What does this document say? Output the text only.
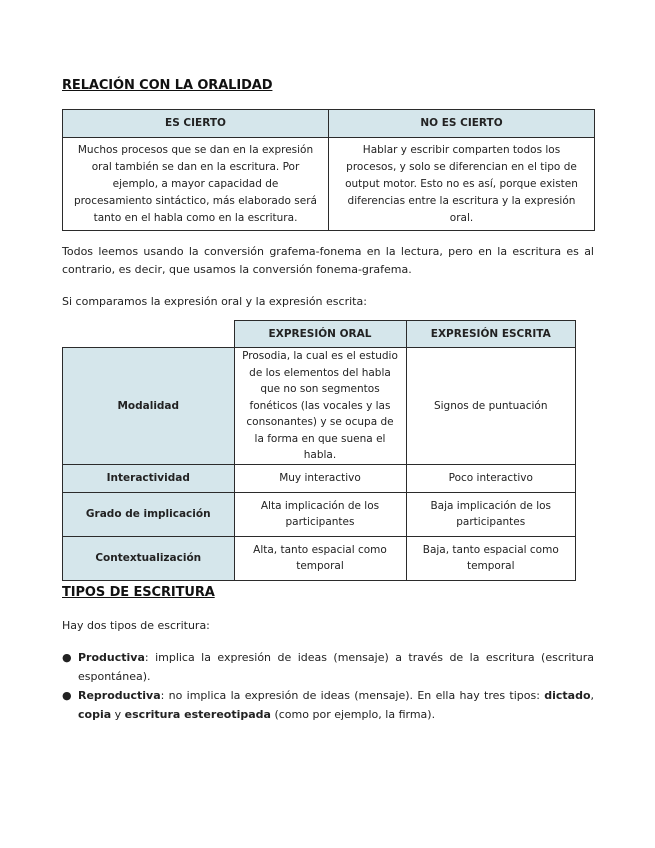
RELACIÓN CON LA ORALIDAD
ES CIERTO	NO ES CIERTO
Muchos procesos que se dan en la expresión oral también se dan en la escritura. Por ejemplo, a mayor capacidad de procesamiento sintáctico, más elaborado será tanto en el habla como en la escritura.	Hablar y escribir comparten todos los procesos, y solo se diferencian en el tipo de output motor. Esto no es así, porque existen diferencias entre la escritura y la expresión oral.

Todos leemos usando la conversión grafema-fonema en la lectura, pero en la escritura es al contrario, es decir, que usamos la conversión fonema-grafema.

Si comparamos la expresión oral y la expresión escrita:

	EXPRESIÓN ORAL	EXPRESIÓN ESCRITA
Modalidad	Prosodia, la cual es el estudio de los elementos del habla que no son segmentos fonéticos (las vocales y las consonantes) y se ocupa de la forma en que suena el habla.	Signos de puntuación
Interactividad	Muy interactivo	Poco interactivo
Grado de implicación	Alta implicación de los participantes	Baja implicación de los participantes
Contextualización	Alta, tanto espacial como temporal	Baja, tanto espacial como temporal
TIPOS DE ESCRITURA

Hay dos tipos de escritura:

● Productiva: implica la expresión de ideas (mensaje) a través de la escritura (escritura espontánea).
● Reproductiva: no implica la expresión de ideas (mensaje). En ella hay tres tipos: dictado, copia y escritura estereotipada (como por ejemplo, la firma).
